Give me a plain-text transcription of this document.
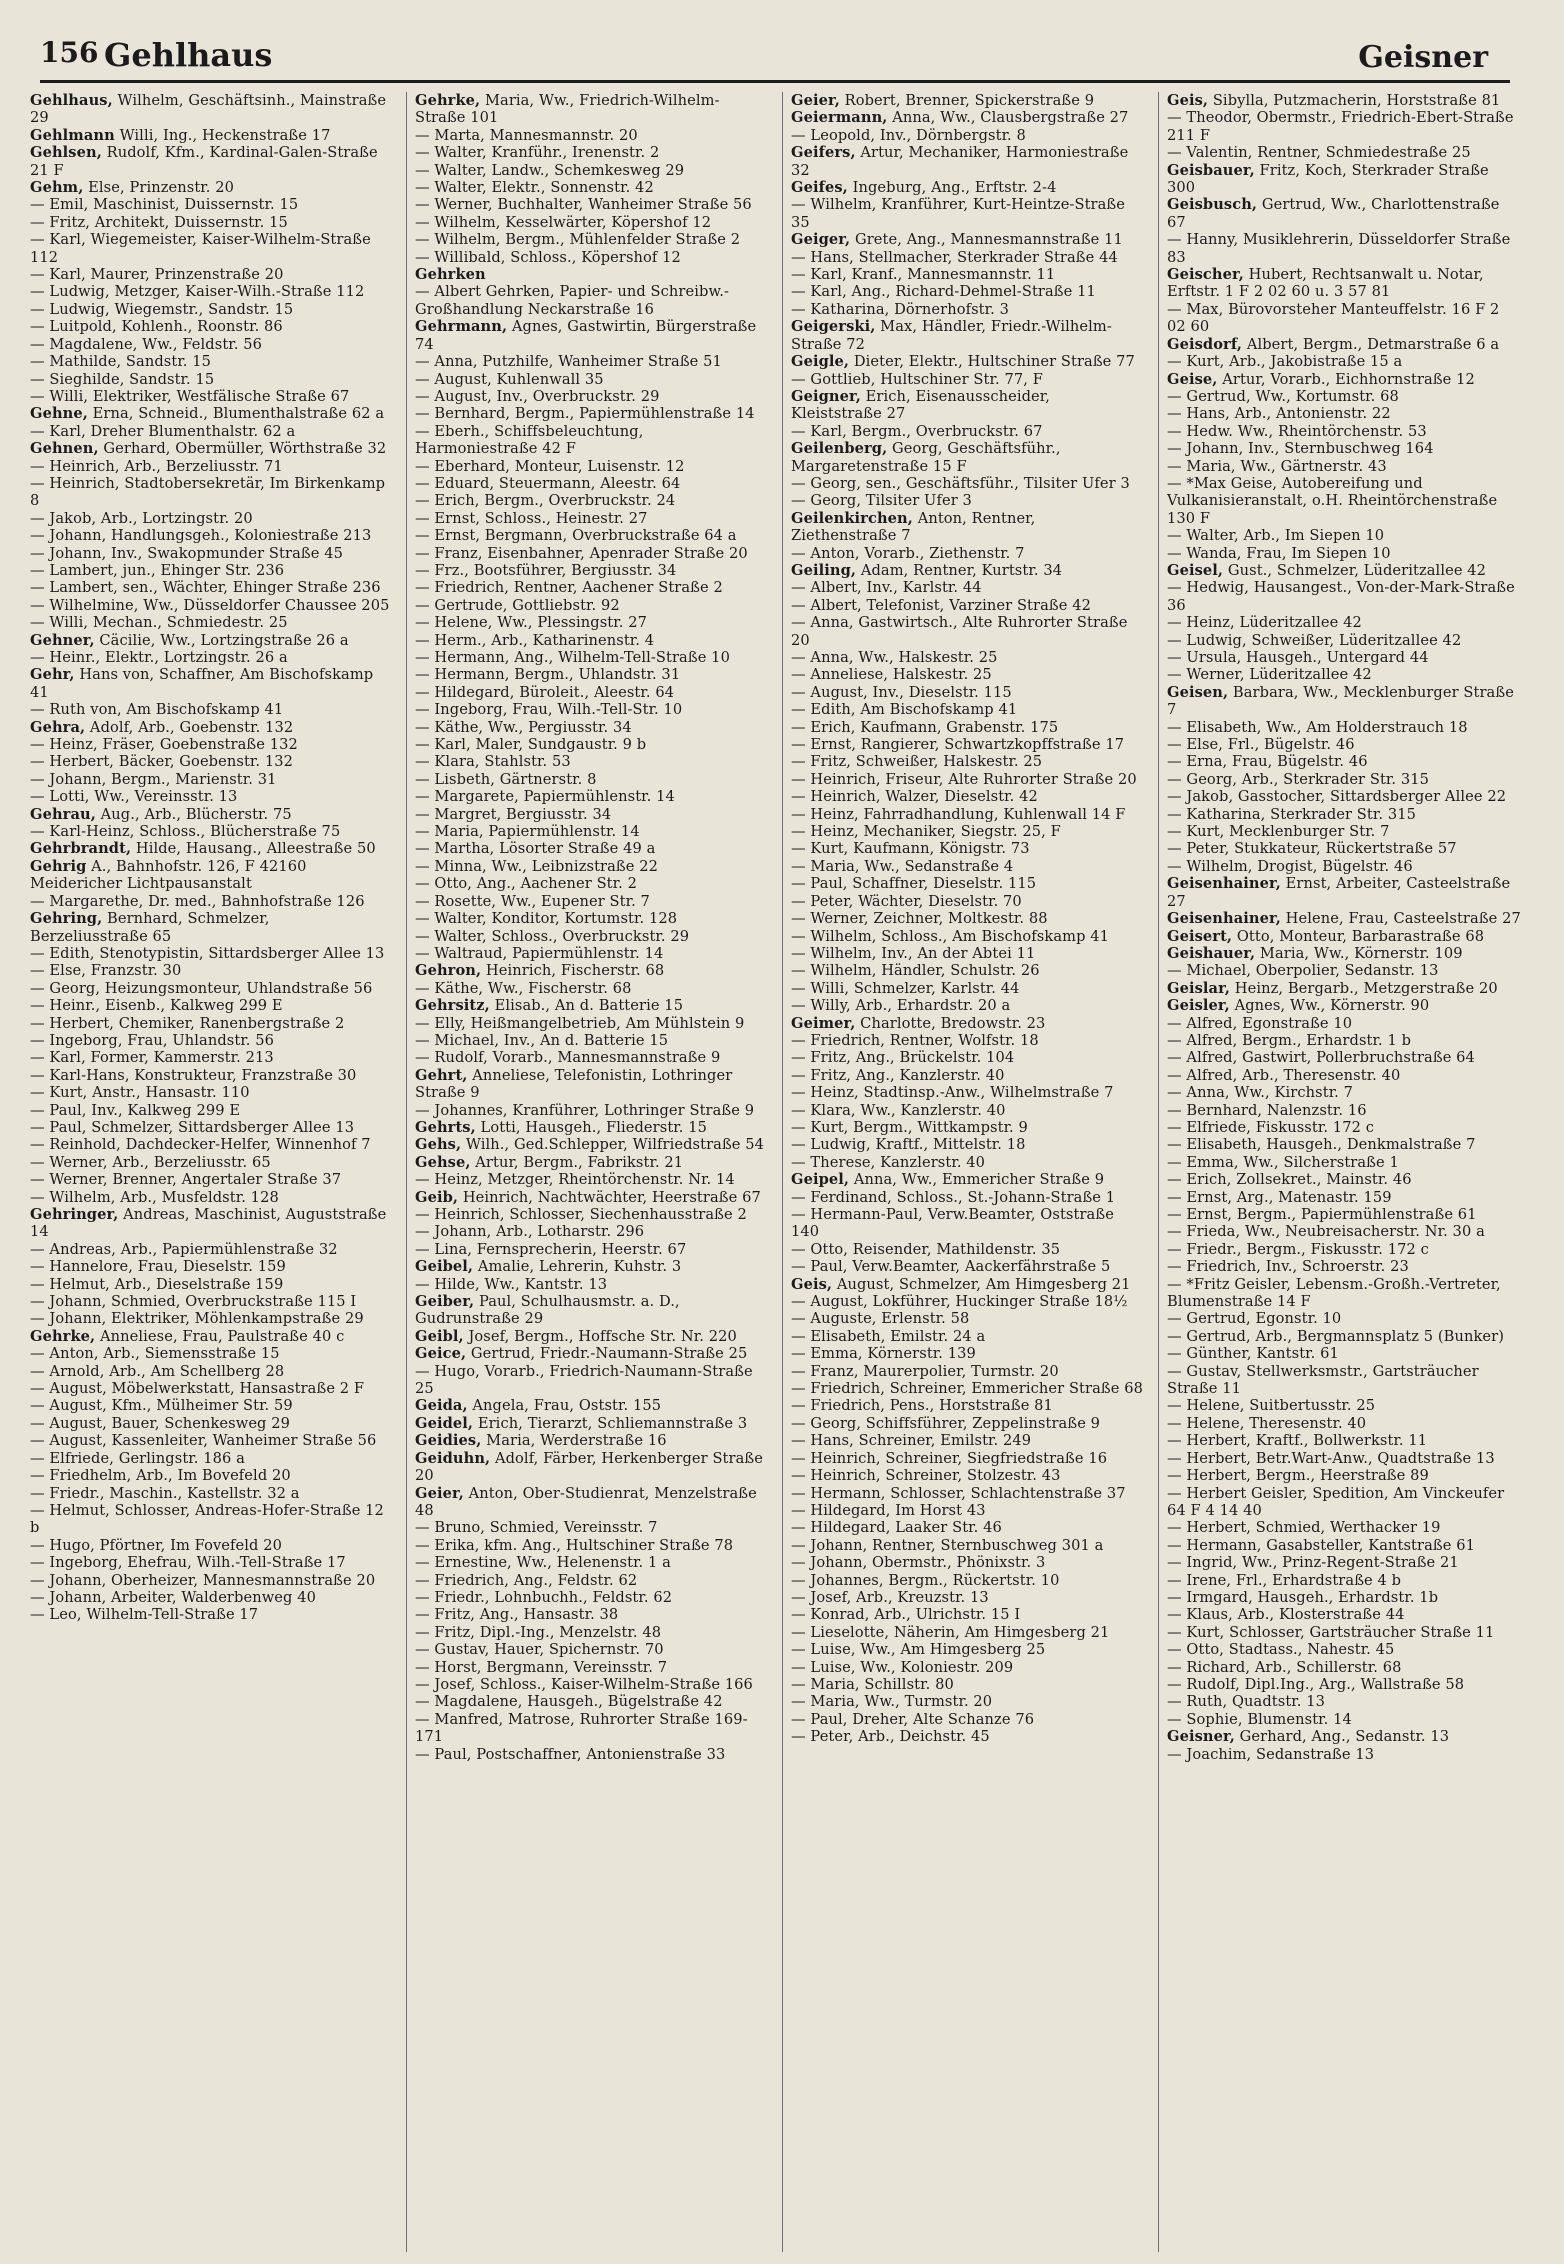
156 Gehlhaus	Geisner

Gehlhaus, Wilhelm, Geschäftsinh., Mainstraße 29

Gehlmann Willi, Ing., Heckenstraße 17

Gehlsen, Rudolf, Kfm., Kardinal-Galen-Straße 21 F

Gehm, Else, Prinzenstr. 20

— Emil, Maschinist, Duissernstr. 15

— Fritz, Architekt, Duissernstr. 15

— Karl, Wiegemeister, Kaiser-Wilhelm-Straße 112

— Karl, Maurer, Prinzenstraße 20

— Ludwig, Metzger, Kaiser-Wilh.-Straße 112

— Ludwig, Wiegemstr., Sandstr. 15

— Luitpold, Kohlenh., Roonstr. 86

— Magdalene, Ww., Feldstr. 56

— Mathilde, Sandstr. 15

— Sieghilde, Sandstr. 15

— Willi, Elektriker, Westfälische Straße 67

Gehne, Erna, Schneid., Blumenthalstraße 62 a

— Karl, Dreher Blumenthalstr. 62 a

Gehnen, Gerhard, Obermüller, Wörthstraße 32

— Heinrich, Arb., Berzeliusstr. 71

— Heinrich, Stadtobersekretär, Im Birkenkamp 8

— Jakob, Arb., Lortzingstr. 20

— Johann, Handlungsgeh., Koloniestraße 213

— Johann, Inv., Swakopmunder Straße 45

— Lambert, jun., Ehinger Str. 236

— Lambert, sen., Wächter, Ehinger Straße 236

— Wilhelmine, Ww., Düsseldorfer Chaussee 205

— Willi, Mechan., Schmiedestr. 25

Gehner, Cäcilie, Ww., Lortzingstraße 26 a

— Heinr., Elektr., Lortzingstr. 26 a

Gehr, Hans von, Schaffner, Am Bischofskamp 41

— Ruth von, Am Bischofskamp 41

Gehra, Adolf, Arb., Goebenstr. 132

— Heinz, Fräser, Goebenstraße 132

— Herbert, Bäcker, Goebenstr. 132

— Johann, Bergm., Marienstr. 31

— Lotti, Ww., Vereinsstr. 13

Gehrau, Aug., Arb., Blücherstr. 75

— Karl-Heinz, Schloss., Blücherstraße 75

Gehrbrandt, Hilde, Hausang., Alleestraße 50

Gehrig A., Bahnhofstr. 126, F 42160 Meidericher Lichtpausanstalt

— Margarethe, Dr. med., Bahnhofstraße 126

Gehring, Bernhard, Schmelzer, Berzeliusstraße 65

— Edith, Stenotypistin, Sittardsberger Allee 13

— Else, Franzstr. 30

— Georg, Heizungsmonteur, Uhlandstraße 56

— Heinr., Eisenb., Kalkweg 299 E

— Herbert, Chemiker, Ranenbergstraße 2

— Ingeborg, Frau, Uhlandstr. 56

— Karl, Former, Kammerstr. 213

— Karl-Hans, Konstrukteur, Franzstraße 30

— Kurt, Anstr., Hansastr. 110

— Paul, Inv., Kalkweg 299 E

— Paul, Schmelzer, Sittardsberger Allee 13

— Reinhold, Dachdecker-Helfer, Winnenhof 7

— Werner, Arb., Berzeliusstr. 65

— Werner, Brenner, Angertaler Straße 37

— Wilhelm, Arb., Musfeldstr. 128

Gehringer, Andreas, Maschinist, Auguststraße 14

— Andreas, Arb., Papiermühlenstraße 32

— Hannelore, Frau, Dieselstr. 159

— Helmut, Arb., Dieselstraße 159

— Johann, Schmied, Overbruckstraße 115 I

— Johann, Elektriker, Möhlenkampstraße 29

Gehrke, Anneliese, Frau, Paulstraße 40 c

— Anton, Arb., Siemensstraße 15

— Arnold, Arb., Am Schellberg 28

— August, Möbelwerkstatt, Hansastraße 2 F

— August, Kfm., Mülheimer Str. 59

— August, Bauer, Schenkesweg 29

— August, Kassenleiter, Wanheimer Straße 56

— Elfriede, Gerlingstr. 186 a

— Friedhelm, Arb., Im Bovefeld 20

— Friedr., Maschin., Kastellstr. 32 a

— Helmut, Schlosser, Andreas-Hofer-Straße 12 b

— Hugo, Pförtner, Im Fovefeld 20

— Ingeborg, Ehefrau, Wilh.-Tell-Straße 17

— Johann, Oberheizer, Mannesmannstraße 20

— Johann, Arbeiter, Walderbenweg 40

— Leo, Wilhelm-Tell-Straße 17

Gehrke, Maria, Ww., Friedrich-Wilhelm-Straße 101

— Marta, Mannesmannstr. 20

— Walter, Kranführ., Irenenstr. 2

— Walter, Landw., Schemkesweg 29

— Walter, Elektr., Sonnenstr. 42

— Werner, Buchhalter, Wanheimer Straße 56

— Wilhelm, Kesselwärter, Köpershof 12

— Wilhelm, Bergm., Mühlenfelder Straße 2

— Willibald, Schloss., Köpershof 12

Gehrken

— Albert Gehrken, Papier- und Schreibw.-Großhandlung Neckarstraße 16

Gehrmann, Agnes, Gastwirtin, Bürgerstraße 74

— Anna, Putzhilfe, Wanheimer Straße 51

— August, Kuhlenwall 35

— August, Inv., Overbruckstr. 29

— Bernhard, Bergm., Papiermühlenstraße 14

— Eberh., Schiffsbeleuchtung, Harmoniestraße 42 F

— Eberhard, Monteur, Luisenstr. 12

— Eduard, Steuermann, Aleestr. 64

— Erich, Bergm., Overbruckstr. 24

— Ernst, Schloss., Heinestr. 27

— Ernst, Bergmann, Overbruckstraße 64 a

— Franz, Eisenbahner, Apenrader Straße 20

— Frz., Bootsführer, Bergiusstr. 34

— Friedrich, Rentner, Aachener Straße 2

— Gertrude, Gottliebstr. 92

— Helene, Ww., Plessingstr. 27

— Herm., Arb., Katharinenstr. 4

— Hermann, Ang., Wilhelm-Tell-Straße 10

— Hermann, Bergm., Uhlandstr. 31

— Hildegard, Büroleit., Aleestr. 64

— Ingeborg, Frau, Wilh.-Tell-Str. 10

— Käthe, Ww., Pergiusstr. 34

— Karl, Maler, Sundgaustr. 9 b

— Klara, Stahlstr. 53

— Lisbeth, Gärtnerstr. 8

— Margarete, Papiermühlenstr. 14

— Margret, Bergiusstr. 34

— Maria, Papiermühlenstr. 14

— Martha, Lösorter Straße 49 a

— Minna, Ww., Leibnizstraße 22

— Otto, Ang., Aachener Str. 2

— Rosette, Ww., Eupener Str. 7

— Walter, Konditor, Kortumstr. 128

— Walter, Schloss., Overbruckstr. 29

— Waltraud, Papiermühlenstr. 14

Gehron, Heinrich, Fischerstr. 68

— Käthe, Ww., Fischerstr. 68

Gehrsitz, Elisab., An d. Batterie 15

— Elly, Heißmangelbetrieb, Am Mühlstein 9

— Michael, Inv., An d. Batterie 15

— Rudolf, Vorarb., Mannesmannstraße 9

Gehrt, Anneliese, Telefonistin, Lothringer Straße 9

— Johannes, Kranführer, Lothringer Straße 9

Gehrts, Lotti, Hausgeh., Fliederstr. 15

Gehs, Wilh., Ged.Schlepper, Wilfriedstraße 54

Gehse, Artur, Bergm., Fabrikstr. 21

— Heinz, Metzger, Rheintörchenstr. Nr. 14

Geib, Heinrich, Nachtwächter, Heerstraße 67

— Heinrich, Schlosser, Siechenhausstraße 2

— Johann, Arb., Lotharstr. 296

— Lina, Fernsprecherin, Heerstr. 67

Geibel, Amalie, Lehrerin, Kuhstr. 3

— Hilde, Ww., Kantstr. 13

Geiber, Paul, Schulhausmstr. a. D., Gudrunstraße 29

Geibl, Josef, Bergm., Hoffsche Str. Nr. 220

Geice, Gertrud, Friedr.-Naumann-Straße 25

— Hugo, Vorarb., Friedrich-Naumann-Straße 25

Geida, Angela, Frau, Oststr. 155

Geidel, Erich, Tierarzt, Schliemannstraße 3

Geidies, Maria, Werderstraße 16

Geiduhn, Adolf, Färber, Herkenberger Straße 20

Geier, Anton, Ober-Studienrat, Menzelstraße 48

— Bruno, Schmied, Vereinsstr. 7

— Erika, kfm. Ang., Hultschiner Straße 78

— Ernestine, Ww., Helenenstr. 1 a

— Friedrich, Ang., Feldstr. 62

— Friedr., Lohnbuchh., Feldstr. 62

— Fritz, Ang., Hansastr. 38

— Fritz, Dipl.-Ing., Menzelstr. 48

— Gustav, Hauer, Spichernstr. 70

— Horst, Bergmann, Vereinsstr. 7

— Josef, Schloss., Kaiser-Wilhelm-Straße 166

— Magdalene, Hausgeh., Bügelstraße 42

— Manfred, Matrose, Ruhrorter Straße 169-171

— Paul, Postschaffner, Antonienstraße 33

Geier, Robert, Brenner, Spickerstraße 9

Geiermann, Anna, Ww., Clausbergstraße 27

— Leopold, Inv., Dörnbergstr. 8

Geifers, Artur, Mechaniker, Harmoniestraße 32

Geifes, Ingeburg, Ang., Erftstr. 2-4

— Wilhelm, Kranführer, Kurt-Heintze-Straße 35

Geiger, Grete, Ang., Mannesmannstraße 11

— Hans, Stellmacher, Sterkrader Straße 44

— Karl, Kranf., Mannesmannstr. 11

— Karl, Ang., Richard-Dehmel-Straße 11

— Katharina, Dörnerhofstr. 3

Geigerski, Max, Händler, Friedr.-Wilhelm-Straße 72

Geigle, Dieter, Elektr., Hultschiner Straße 77

— Gottlieb, Hultschiner Str. 77, F

Geigner, Erich, Eisenausscheider, Kleiststraße 27

— Karl, Bergm., Overbruckstr. 67

Geilenberg, Georg, Geschäftsführ., Margaretenstraße 15 F

— Georg, sen., Geschäftsführ., Tilsiter Ufer 3

— Georg, Tilsiter Ufer 3

Geilenkirchen, Anton, Rentner, Ziethenstraße 7

— Anton, Vorarb., Ziethenstr. 7

Geiling, Adam, Rentner, Kurtstr. 34

— Albert, Inv., Karlstr. 44

— Albert, Telefonist, Varziner Straße 42

— Anna, Gastwirtsch., Alte Ruhrorter Straße 20

— Anna, Ww., Halskestr. 25

— Anneliese, Halskestr. 25

— August, Inv., Dieselstr. 115

— Edith, Am Bischofskamp 41

— Erich, Kaufmann, Grabenstr. 175

— Ernst, Rangierer, Schwartzkopffstraße 17

— Fritz, Schweißer, Halskestr. 25

— Heinrich, Friseur, Alte Ruhrorter Straße 20

— Heinrich, Walzer, Dieselstr. 42

— Heinz, Fahrradhandlung, Kuhlenwall 14 F

— Heinz, Mechaniker, Siegstr. 25, F

— Kurt, Kaufmann, Königstr. 73

— Maria, Ww., Sedanstraße 4

— Paul, Schaffner, Dieselstr. 115

— Peter, Wächter, Dieselstr. 70

— Werner, Zeichner, Moltkestr. 88

— Wilhelm, Schloss., Am Bischofskamp 41

— Wilhelm, Inv., An der Abtei 11

— Wilhelm, Händler, Schulstr. 26

— Willi, Schmelzer, Karlstr. 44

— Willy, Arb., Erhardstr. 20 a

Geimer, Charlotte, Bredowstr. 23

— Friedrich, Rentner, Wolfstr. 18

— Fritz, Ang., Brückelstr. 104

— Fritz, Ang., Kanzlerstr. 40

— Heinz, Stadtinsp.-Anw., Wilhelmstraße 7

— Klara, Ww., Kanzlerstr. 40

— Kurt, Bergm., Wittkampstr. 9

— Ludwig, Kraftf., Mittelstr. 18

— Therese, Kanzlerstr. 40

Geipel, Anna, Ww., Emmericher Straße 9

— Ferdinand, Schloss., St.-Johann-Straße 1

— Hermann-Paul, Verw.Beamter, Oststraße 140

— Otto, Reisender, Mathildenstr. 35

— Paul, Verw.Beamter, Aackerfährstraße 5

Geis, August, Schmelzer, Am Himgesberg 21

— August, Lokführer, Huckinger Straße 18½

— Auguste, Erlenstr. 58

— Elisabeth, Emilstr. 24 a

— Emma, Körnerstr. 139

— Franz, Maurerpolier, Turmstr. 20

— Friedrich, Schreiner, Emmericher Straße 68

— Friedrich, Pens., Horststraße 81

— Georg, Schiffsführer, Zeppelinstraße 9

— Hans, Schreiner, Emilstr. 249

— Heinrich, Schreiner, Siegfriedstraße 16

— Heinrich, Schreiner, Stolzestr. 43

— Hermann, Schlosser, Schlachtenstraße 37

— Hildegard, Im Horst 43

— Hildegard, Laaker Str. 46

— Johann, Rentner, Sternbuschweg 301 a

— Johann, Obermstr., Phönixstr. 3

— Johannes, Bergm., Rückertstr. 10

— Josef, Arb., Kreuzstr. 13

— Konrad, Arb., Ulrichstr. 15 I

— Lieselotte, Näherin, Am Himgesberg 21

— Luise, Ww., Am Himgesberg 25

— Luise, Ww., Koloniestr. 209

— Maria, Schillstr. 80

— Maria, Ww., Turmstr. 20

— Paul, Dreher, Alte Schanze 76

— Peter, Arb., Deichstr. 45

Geis, Sibylla, Putzmacherin, Horststraße 81

— Theodor, Obermstr., Friedrich-Ebert-Straße 211 F

— Valentin, Rentner, Schmiedestraße 25

Geisbauer, Fritz, Koch, Sterkrader Straße 300

Geisbusch, Gertrud, Ww., Charlottenstraße 67

— Hanny, Musiklehrerin, Düsseldorfer Straße 83

Geischer, Hubert, Rechtsanwalt u. Notar, Erftstr. 1 F 2 02 60 u. 3 57 81

— Max, Bürovorsteher Manteuffelstr. 16 F 2 02 60

Geisdorf, Albert, Bergm., Detmarstraße 6 a

— Kurt, Arb., Jakobistraße 15 a

Geise, Artur, Vorarb., Eichhornstraße 12

— Gertrud, Ww., Kortumstr. 68

— Hans, Arb., Antonienstr. 22

— Hedw. Ww., Rheintörchenstr. 53

— Johann, Inv., Sternbuschweg 164

— Maria, Ww., Gärtnerstr. 43

— *Max Geise, Autobereifung und Vulkanisieranstalt, o.H. Rheintörchenstraße 130 F

— Walter, Arb., Im Siepen 10

— Wanda, Frau, Im Siepen 10

Geisel, Gust., Schmelzer, Lüderitzallee 42

— Hedwig, Hausangest., Von-der-Mark-Straße 36

— Heinz, Lüderitzallee 42

— Ludwig, Schweißer, Lüderitzallee 42

— Ursula, Hausgeh., Untergard 44

— Werner, Lüderitzallee 42

Geisen, Barbara, Ww., Mecklenburger Straße 7

— Elisabeth, Ww., Am Holderstrauch 18

— Else, Frl., Bügelstr. 46

— Erna, Frau, Bügelstr. 46

— Georg, Arb., Sterkrader Str. 315

— Jakob, Gasstocher, Sittardsberger Allee 22

— Katharina, Sterkrader Str. 315

— Kurt, Mecklenburger Str. 7

— Peter, Stukkateur, Rückertstraße 57

— Wilhelm, Drogist, Bügelstr. 46

Geisenhainer, Ernst, Arbeiter, Casteelstraße 27

Geisenhainer, Helene, Frau, Casteelstraße 27

Geisert, Otto, Monteur, Barbarastraße 68

Geishauer, Maria, Ww., Körnerstr. 109

— Michael, Oberpolier, Sedanstr. 13

Geislar, Heinz, Bergarb., Metzgerstraße 20

Geisler, Agnes, Ww., Körnerstr. 90

— Alfred, Egonstraße 10

— Alfred, Bergm., Erhardstr. 1 b

— Alfred, Gastwirt, Pollerbruchstraße 64

— Alfred, Arb., Theresenstr. 40

— Anna, Ww., Kirchstr. 7

— Bernhard, Nalenzstr. 16

— Elfriede, Fiskusstr. 172 c

— Elisabeth, Hausgeh., Denkmalstraße 7

— Emma, Ww., Silcherstraße 1

— Erich, Zollsekret., Mainstr. 46

— Ernst, Arg., Matenastr. 159

— Ernst, Bergm., Papiermühlenstraße 61

— Frieda, Ww., Neubreisacherstr. Nr. 30 a

— Friedr., Bergm., Fiskusstr. 172 c

— Friedrich, Inv., Schroerstr. 23

— *Fritz Geisler, Lebensm.-Großh.-Vertreter, Blumenstraße 14 F

— Gertrud, Egonstr. 10

— Gertrud, Arb., Bergmannsplatz 5 (Bunker)

— Günther, Kantstr. 61

— Gustav, Stellwerksmstr., Gartsträucher Straße 11

— Helene, Suitbertusstr. 25

— Helene, Theresenstr. 40

— Herbert, Kraftf., Bollwerkstr. 11

— Herbert, Betr.Wart-Anw., Quadtstraße 13

— Herbert, Bergm., Heerstraße 89

— Herbert Geisler, Spedition, Am Vinckeufer 64 F 4 14 40

— Herbert, Schmied, Werthacker 19

— Hermann, Gasabsteller, Kantstraße 61

— Ingrid, Ww., Prinz-Regent-Straße 21

— Irene, Frl., Erhardstraße 4 b

— Irmgard, Hausgeh., Erhardstr. 1b

— Klaus, Arb., Klosterstraße 44

— Kurt, Schlosser, Gartsträucher Straße 11

— Otto, Stadtass., Nahestr. 45

— Richard, Arb., Schillerstr. 68

— Rudolf, Dipl.Ing., Arg., Wallstraße 58

— Ruth, Quadtstr. 13

— Sophie, Blumenstr. 14

Geisner, Gerhard, Ang., Sedanstr. 13

— Joachim, Sedanstraße 13
